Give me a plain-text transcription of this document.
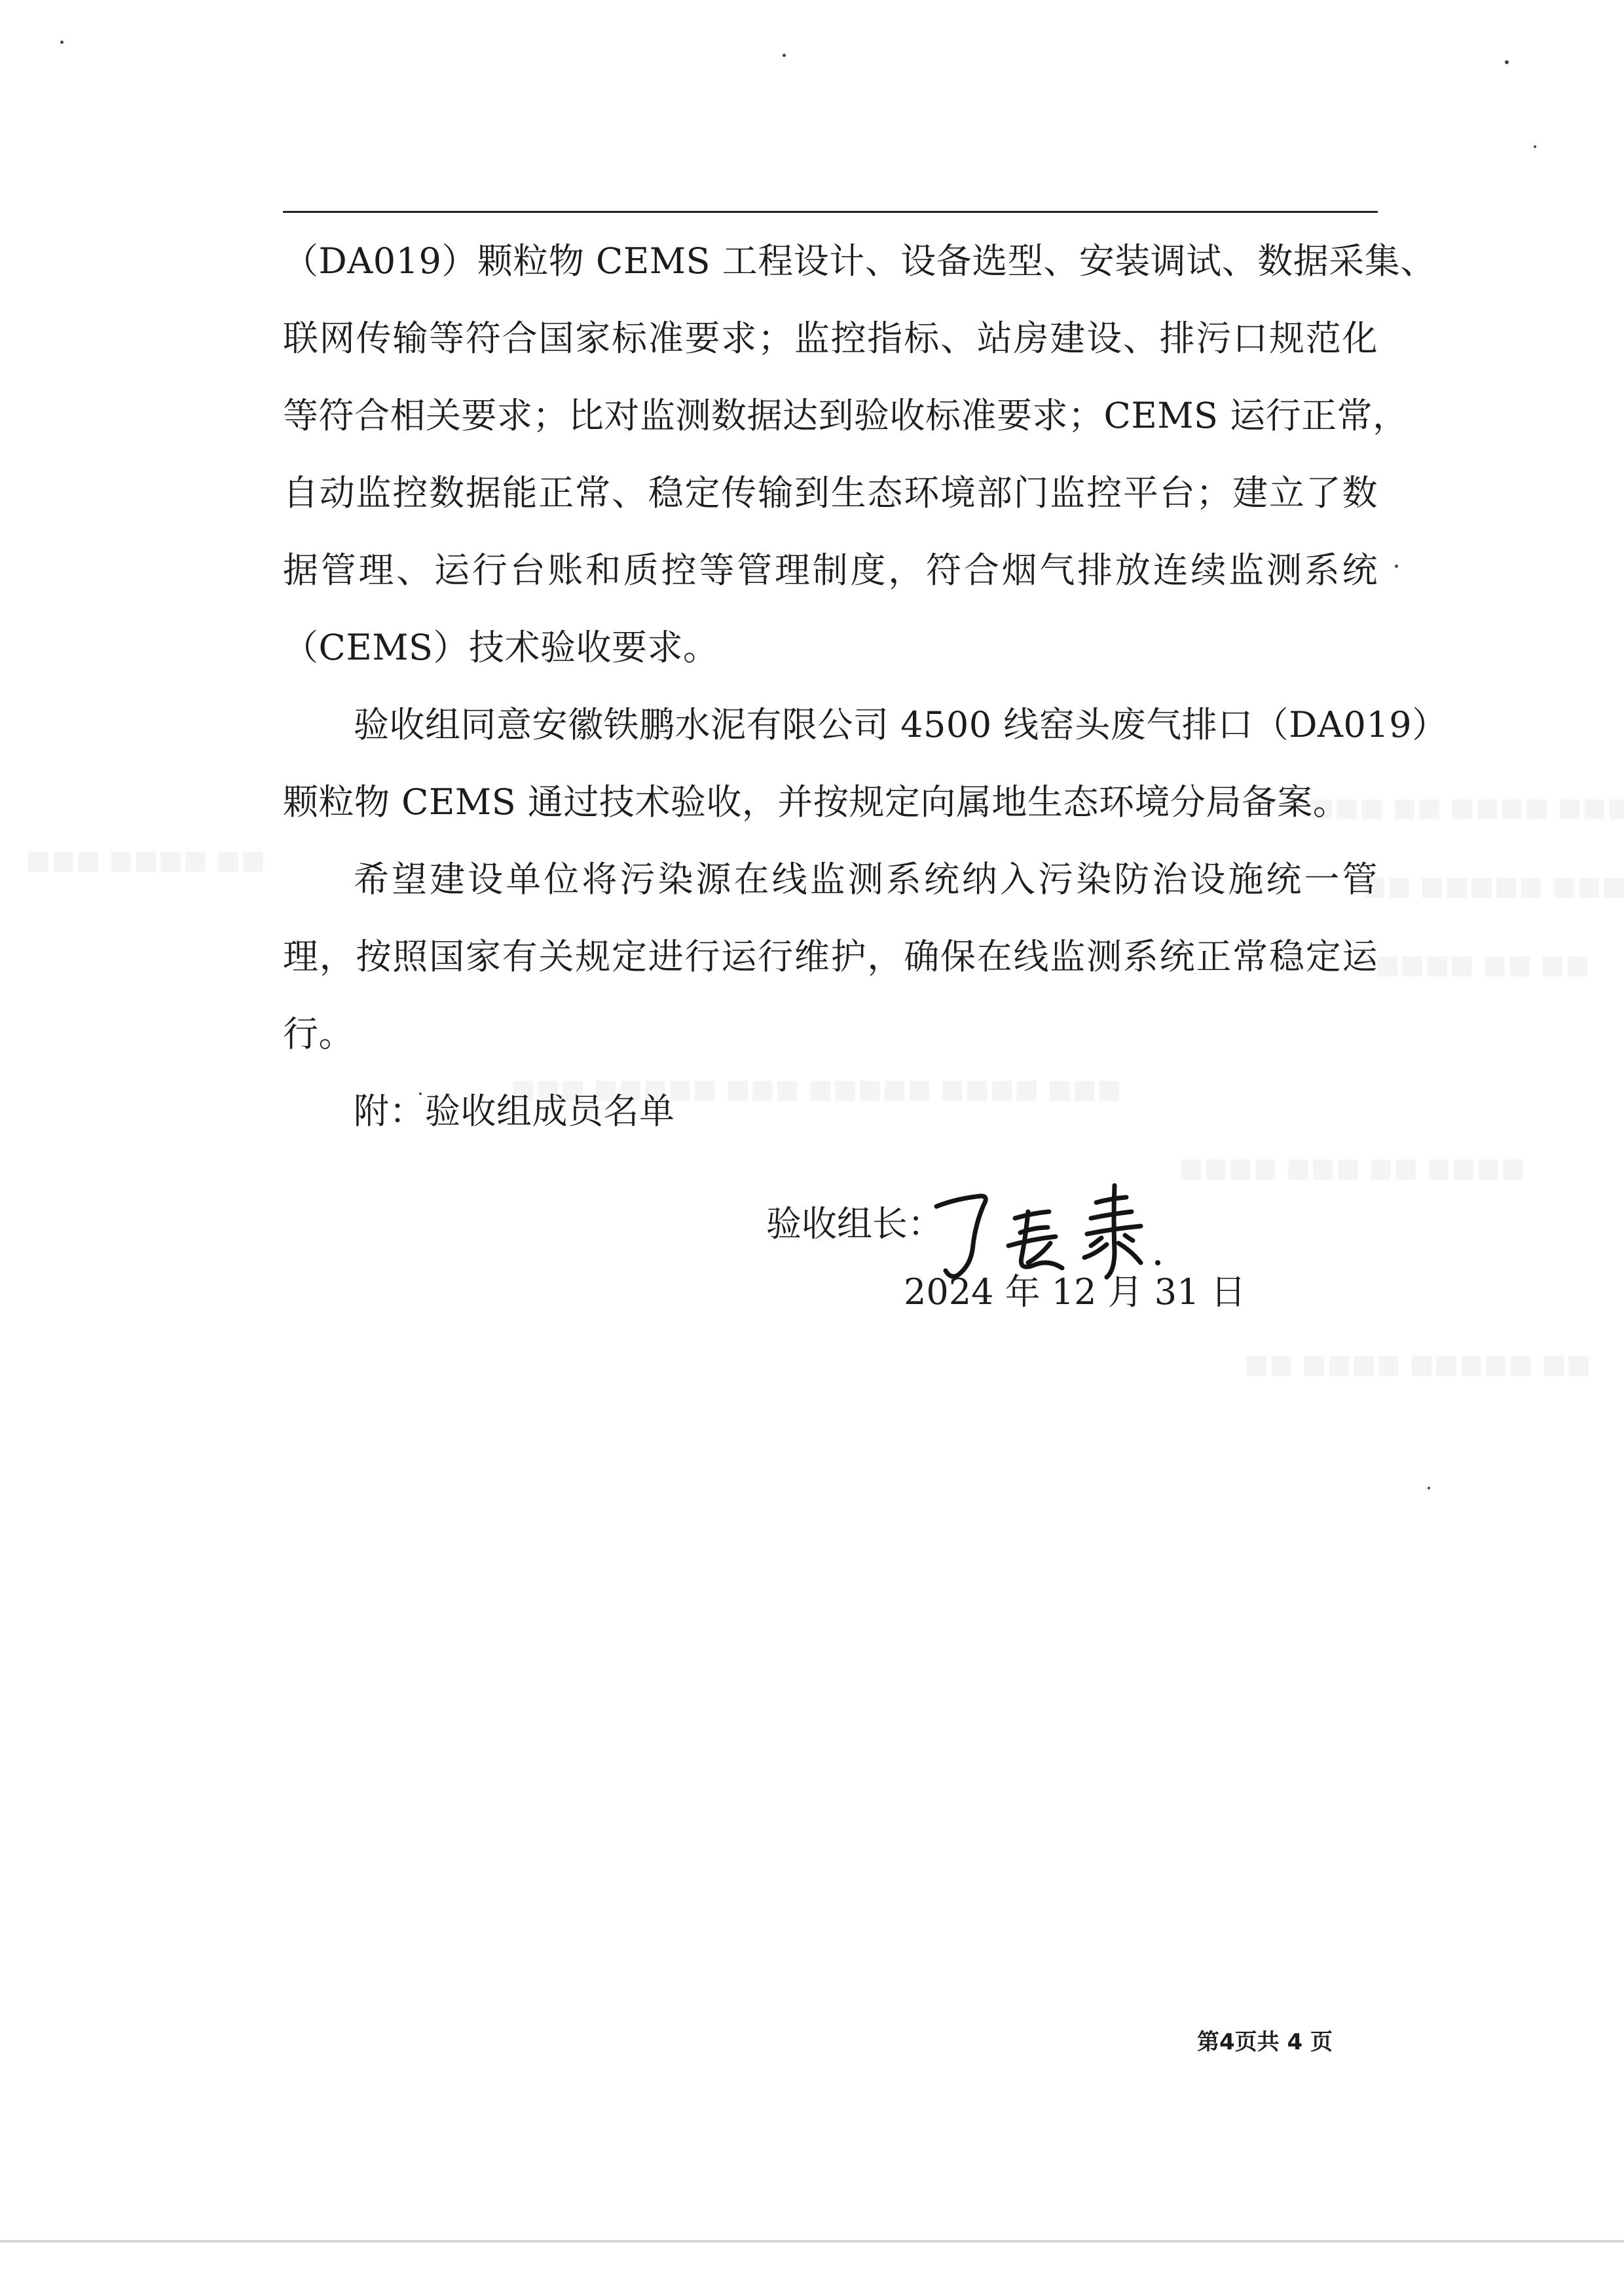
（DA019）颗粒物 CEMS 工程设计、设备选型、安装调试、数据采集、
联网传输等符合国家标准要求；监控指标、站房建设、排污口规范化
等符合相关要求；比对监测数据达到验收标准要求；CEMS 运行正常，
自动监控数据能正常、稳定传输到生态环境部门监控平台；建立了数
据管理、运行台账和质控等管理制度，符合烟气排放连续监测系统
（CEMS）技术验收要求。
验收组同意安徽铁鹏水泥有限公司 4500 线窑头废气排口（DA019）
颗粒物 CEMS 通过技术验收，并按规定向属地生态环境分局备案。
希望建设单位将污染源在线监测系统纳入污染防治设施统一管
理，按照国家有关规定进行运行维护，确保在线监测系统正常稳定运
行。
附：验收组成员名单
验收组长：
2024 年 12 月 31 日
第4页共 4 页
